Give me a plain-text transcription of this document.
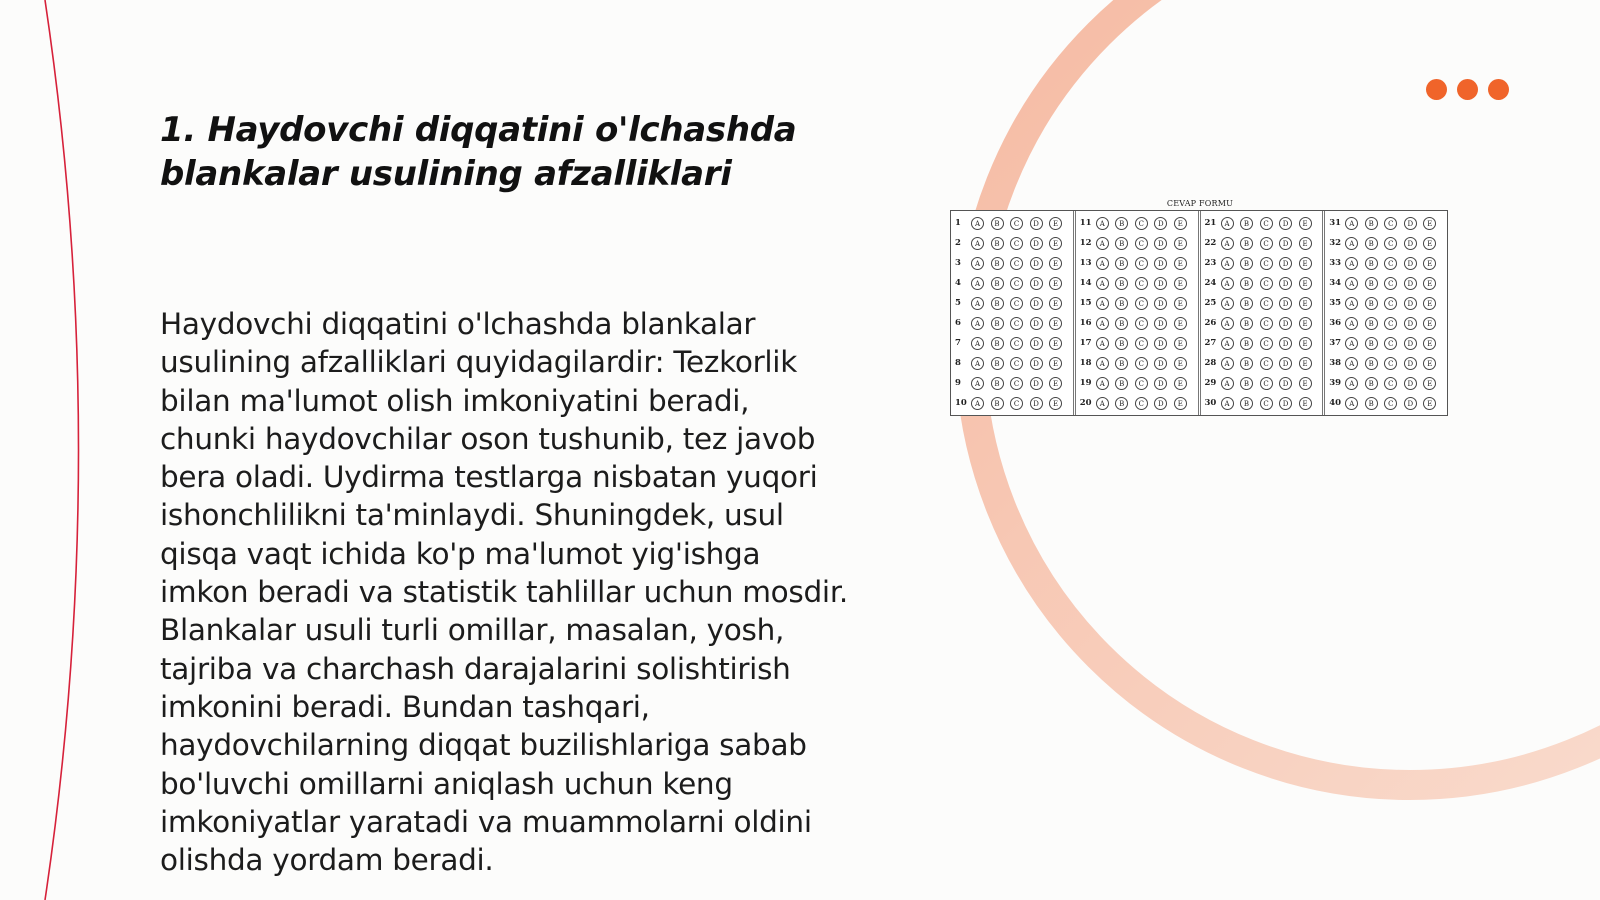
1. Haydovchi diqqatini o'lchashda blankalar usulining afzalliklari

Haydovchi diqqatini o'lchashda blankalar usulining afzalliklari quyidagilardir: Tezkorlik bilan ma'lumot olish imkoniyatini beradi, chunki haydovchilar oson tushunib, tez javob bera oladi. Uydirma testlarga nisbatan yuqori ishonchlilikni ta'minlaydi. Shuningdek, usul qisqa vaqt ichida ko'p ma'lumot yig'ishga imkon beradi va statistik tahlillar uchun mosdir. Blankalar usuli turli omillar, masalan, yosh, tajriba va charchash darajalarini solishtirish imkonini beradi. Bundan tashqari, haydovchilarning diqqat buzilishlariga sabab bo'luvchi omillarni aniqlash uchun keng imkoniyatlar yaratadi va muammolarni oldini olishda yordam beradi.

CEVAP FORMU
1	A	B	C	D	E
2	A	B	C	D	E
3	A	B	C	D	E
4	A	B	C	D	E
5	A	B	C	D	E
6	A	B	C	D	E
7	A	B	C	D	E
8	A	B	C	D	E
9	A	B	C	D	E
10	A	B	C	D	E
11	A	B	C	D	E
12	A	B	C	D	E
13	A	B	C	D	E
14	A	B	C	D	E
15	A	B	C	D	E
16	A	B	C	D	E
17	A	B	C	D	E
18	A	B	C	D	E
19	A	B	C	D	E
20	A	B	C	D	E
21	A	B	C	D	E
22	A	B	C	D	E
23	A	B	C	D	E
24	A	B	C	D	E
25	A	B	C	D	E
26	A	B	C	D	E
27	A	B	C	D	E
28	A	B	C	D	E
29	A	B	C	D	E
30	A	B	C	D	E
31	A	B	C	D	E
32	A	B	C	D	E
33	A	B	C	D	E
34	A	B	C	D	E
35	A	B	C	D	E
36	A	B	C	D	E
37	A	B	C	D	E
38	A	B	C	D	E
39	A	B	C	D	E
40	A	B	C	D	E
